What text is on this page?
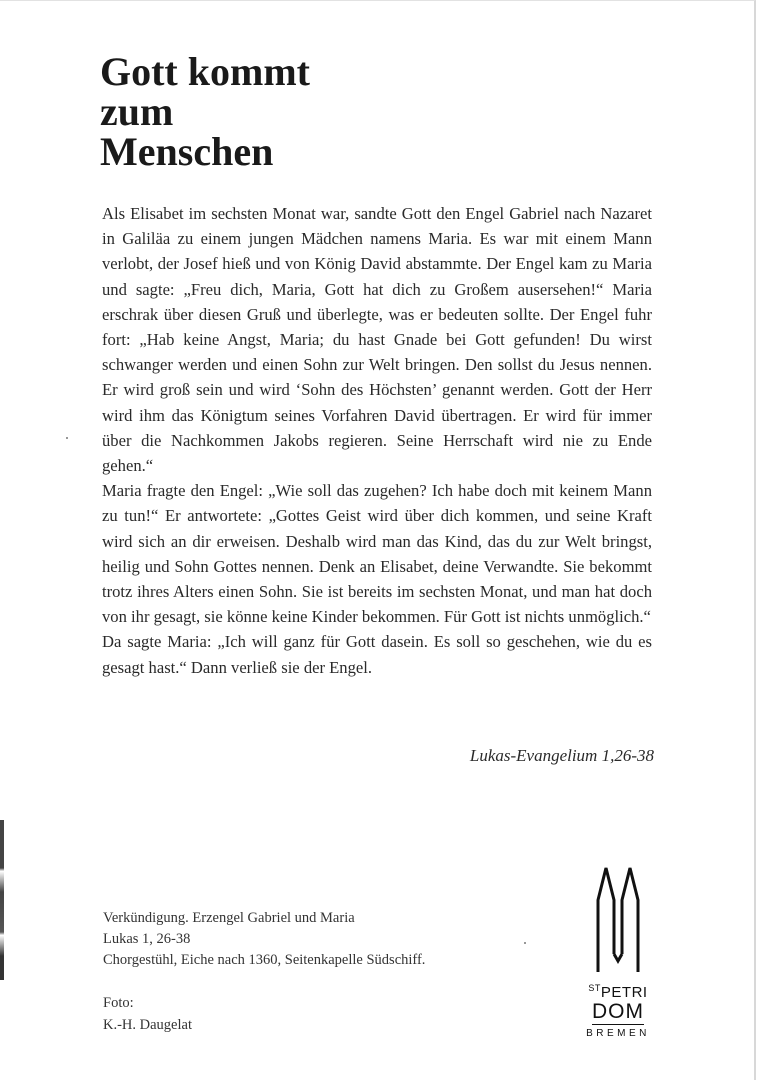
Gott kommt
zum
Menschen

Als Elisabet im sechsten Monat war, sandte Gott den Engel Gabriel nach Nazaret in Galiläa zu einem jungen Mädchen namens Maria. Es war mit einem Mann verlobt, der Josef hieß und von König David abstammte. Der Engel kam zu Maria und sagte: „Freu dich, Maria, Gott hat dich zu Großem ausersehen!“ Maria erschrak über diesen Gruß und überlegte, was er bedeuten sollte. Der Engel fuhr fort: „Hab keine Angst, Maria; du hast Gnade bei Gott gefunden! Du wirst schwanger werden und einen Sohn zur Welt bringen. Den sollst du Jesus nennen. Er wird groß sein und wird ‘Sohn des Höchsten’ genannt werden. Gott der Herr wird ihm das Königtum seines Vorfahren David übertragen. Er wird für immer über die Nachkommen Jakobs regieren. Seine Herrschaft wird nie zu Ende gehen.“

Maria fragte den Engel: „Wie soll das zugehen? Ich habe doch mit keinem Mann zu tun!“ Er antwortete: „Gottes Geist wird über dich kommen, und seine Kraft wird sich an dir erweisen. Deshalb wird man das Kind, das du zur Welt bringst, heilig und Sohn Gottes nennen. Denk an Elisabet, deine Verwandte. Sie bekommt trotz ihres Alters einen Sohn. Sie ist bereits im sechsten Monat, und man hat doch von ihr gesagt, sie könne keine Kinder bekommen. Für Gott ist nichts unmöglich.“

Da sagte Maria: „Ich will ganz für Gott dasein. Es soll so geschehen, wie du es gesagt hast.“ Dann verließ sie der Engel.

Lukas-Evangelium 1,26-38
Verkündigung. Erzengel Gabriel und Maria
Lukas 1, 26-38
Chorgestühl, Eiche nach 1360, Seitenkapelle Südschiff.
Foto:
K.-H. Daugelat
$^{ST}$PETRI
DOM
BREMEN
